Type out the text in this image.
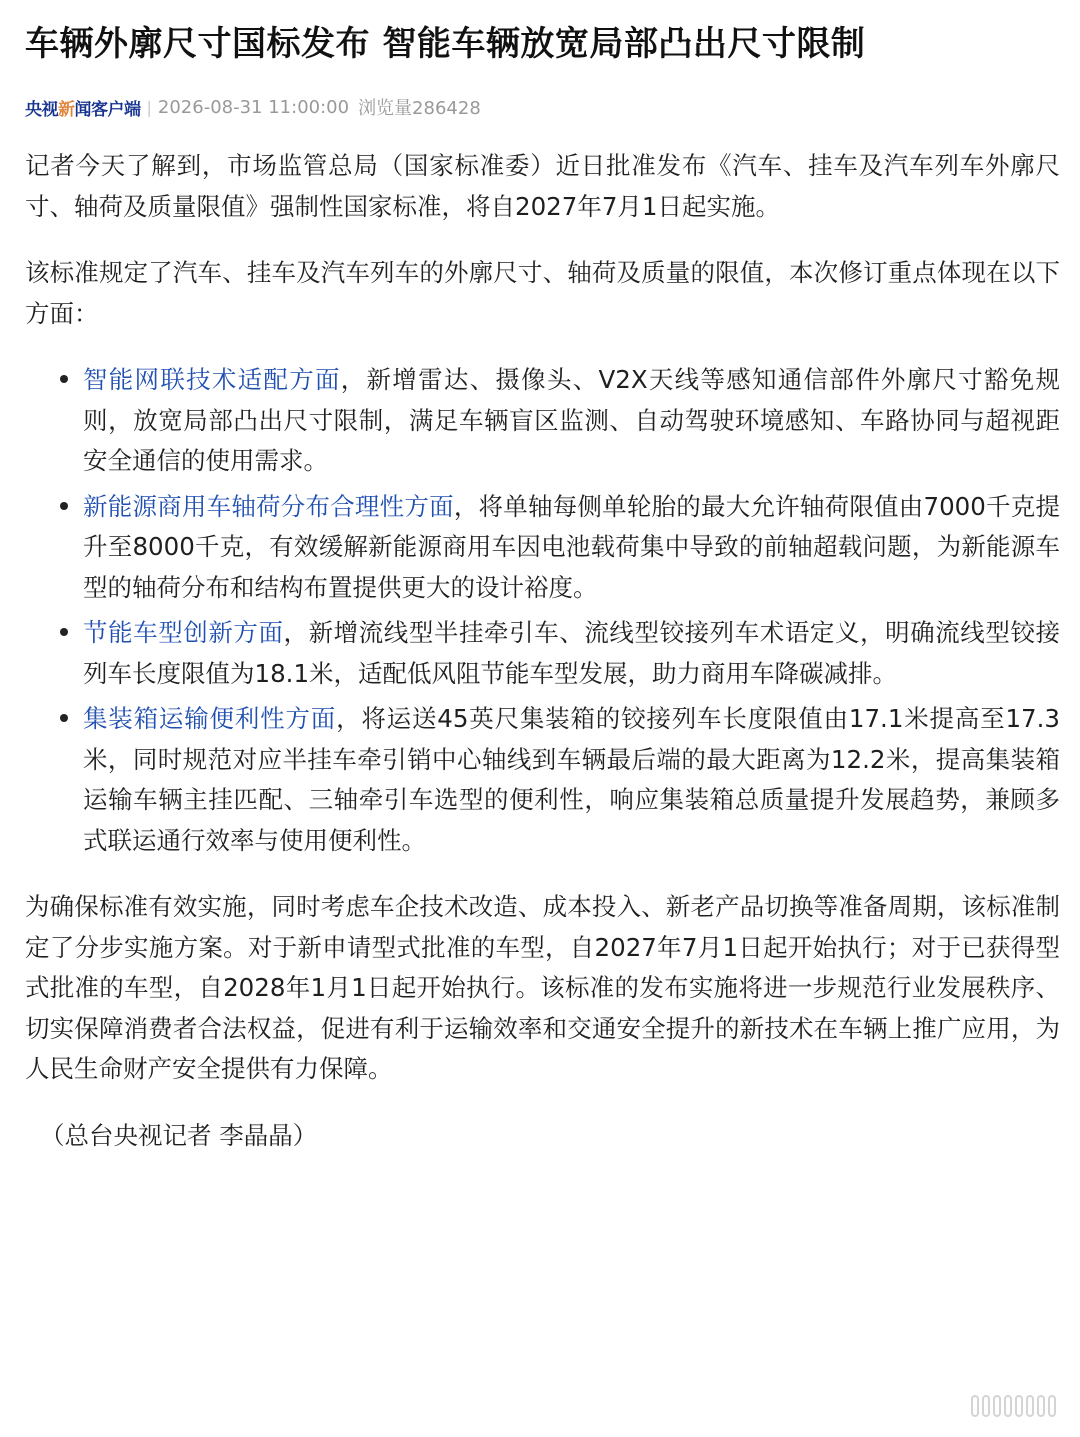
车辆外廓尺寸国标发布 智能车辆放宽局部凸出尺寸限制
央视新闻客户端 | 2026-08-31 11:00:00 浏览量286428

记者今天了解到，市场监管总局（国家标准委）近日批准发布《汽车、挂车及汽车列车外廓尺寸、轴荷及质量限值》强制性国家标准，将自2027年7月1日起实施。

该标准规定了汽车、挂车及汽车列车的外廓尺寸、轴荷及质量的限值，本次修订重点体现在以下方面：

智能网联技术适配方面，新增雷达、摄像头、V2X天线等感知通信部件外廓尺寸豁免规则，放宽局部凸出尺寸限制，满足车辆盲区监测、自动驾驶环境感知、车路协同与超视距安全通信的使用需求。
新能源商用车轴荷分布合理性方面，将单轴每侧单轮胎的最大允许轴荷限值由7000千克提升至8000千克，有效缓解新能源商用车因电池载荷集中导致的前轴超载问题，为新能源车型的轴荷分布和结构布置提供更大的设计裕度。
节能车型创新方面，新增流线型半挂牵引车、流线型铰接列车术语定义，明确流线型铰接列车长度限值为18.1米，适配低风阻节能车型发展，助力商用车降碳减排。
集装箱运输便利性方面，将运送45英尺集装箱的铰接列车长度限值由17.1米提高至17.3米，同时规范对应半挂车牵引销中心轴线到车辆最后端的最大距离为12.2米，提高集装箱运输车辆主挂匹配、三轴牵引车选型的便利性，响应集装箱总质量提升发展趋势，兼顾多式联运通行效率与使用便利性。

为确保标准有效实施，同时考虑车企技术改造、成本投入、新老产品切换等准备周期，该标准制定了分步实施方案。对于新申请型式批准的车型，自2027年7月1日起开始执行；对于已获得型式批准的车型，自2028年1月1日起开始执行。该标准的发布实施将进一步规范行业发展秩序、切实保障消费者合法权益，促进有利于运输效率和交通安全提升的新技术在车辆上推广应用，为人民生命财产安全提供有力保障。

（总台央视记者 李晶晶）
